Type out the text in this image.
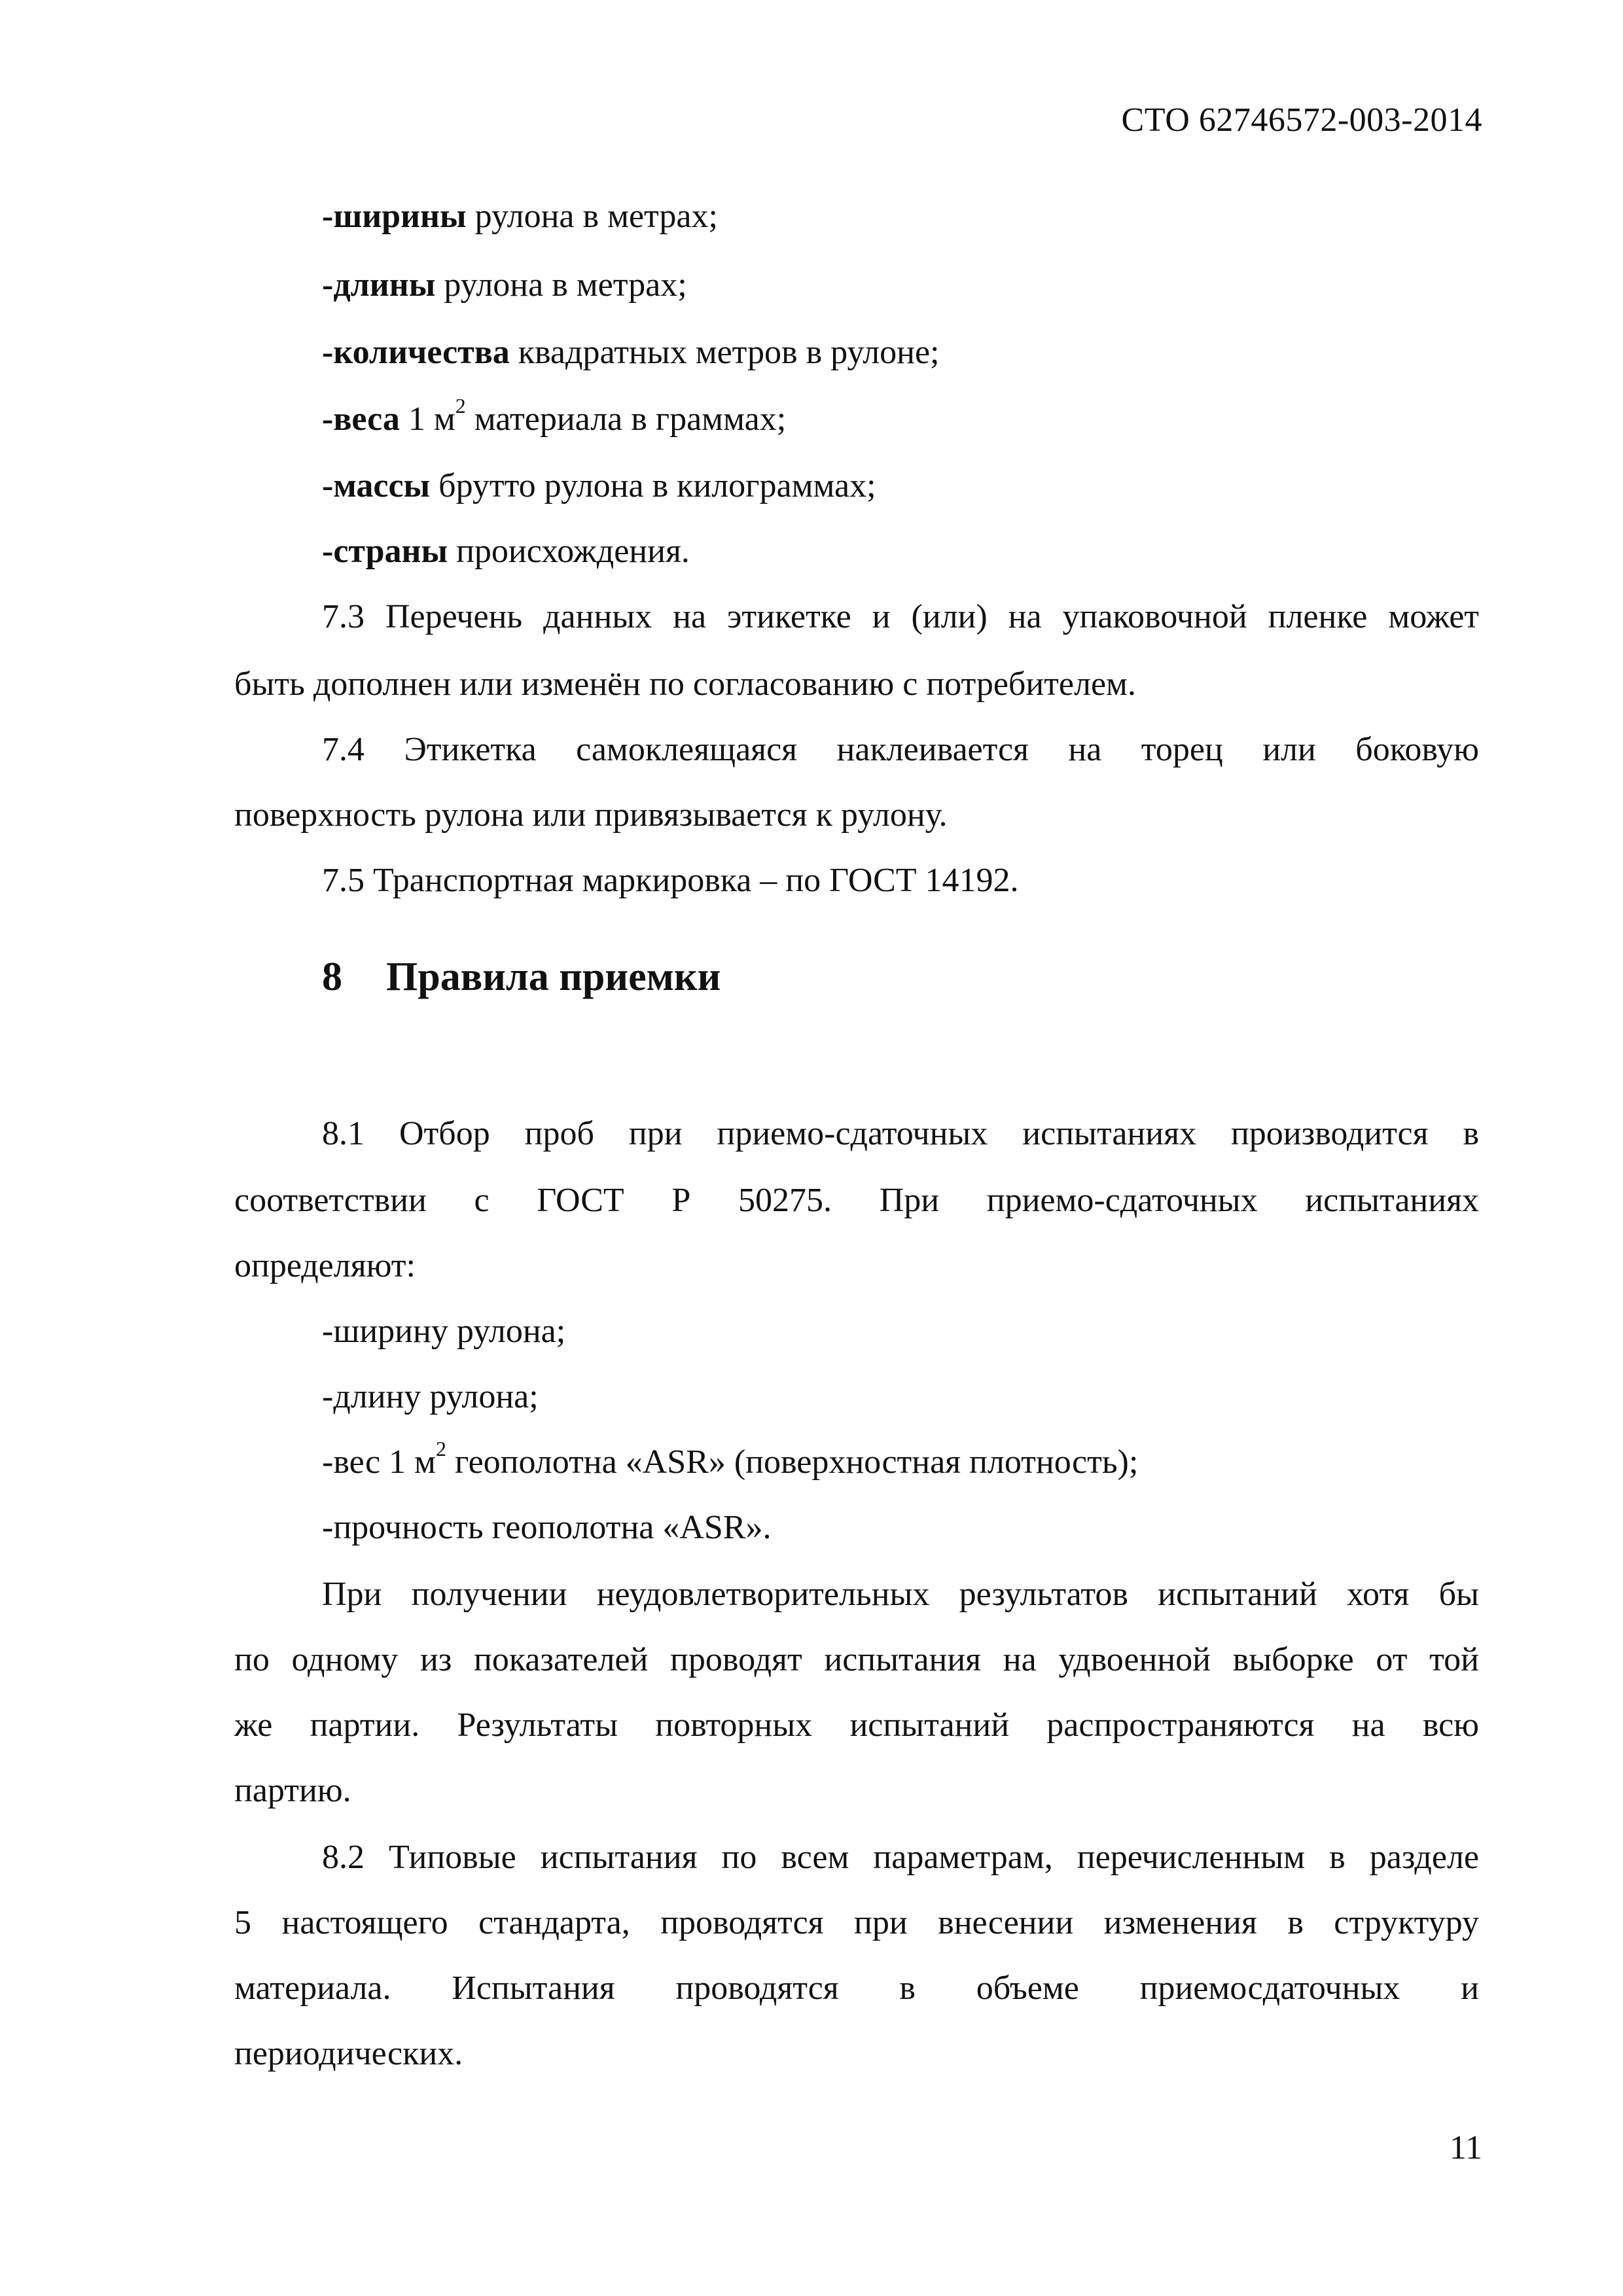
СТО 62746572-003-2014
-ширины рулона в метрах;
-длины рулона в метрах;
-количества квадратных метров в рулоне;
-веса 1 $м^2$ материала в граммах;
-массы брутто рулона в килограммах;
-страны происхождения.
7.3 Перечень данных на этикетке и (или) на упаковочной пленке может
быть дополнен или изменён по согласованию с потребителем.
7.4 Этикетка самоклеящаяся наклеивается на торец или боковую
поверхность рулона или привязывается к рулону.
7.5 Транспортная маркировка – по ГОСТ 14192.
8 Правила приемки
8.1 Отбор проб при приемо-сдаточных испытаниях производится в
соответствии с ГОСТ Р 50275. При приемо-сдаточных испытаниях
определяют:
-ширину рулона;
-длину рулона;
-вес 1 $м^2$ геополотна «ASR» (поверхностная плотность);
-прочность геополотна «ASR».
При получении неудовлетворительных результатов испытаний хотя бы
по одному из показателей проводят испытания на удвоенной выборке от той
же партии. Результаты повторных испытаний распространяются на всю
партию.
8.2 Типовые испытания по всем параметрам, перечисленным в разделе
5 настоящего стандарта, проводятся при внесении изменения в структуру
материала. Испытания проводятся в объеме приемосдаточных и
периодических.
11
